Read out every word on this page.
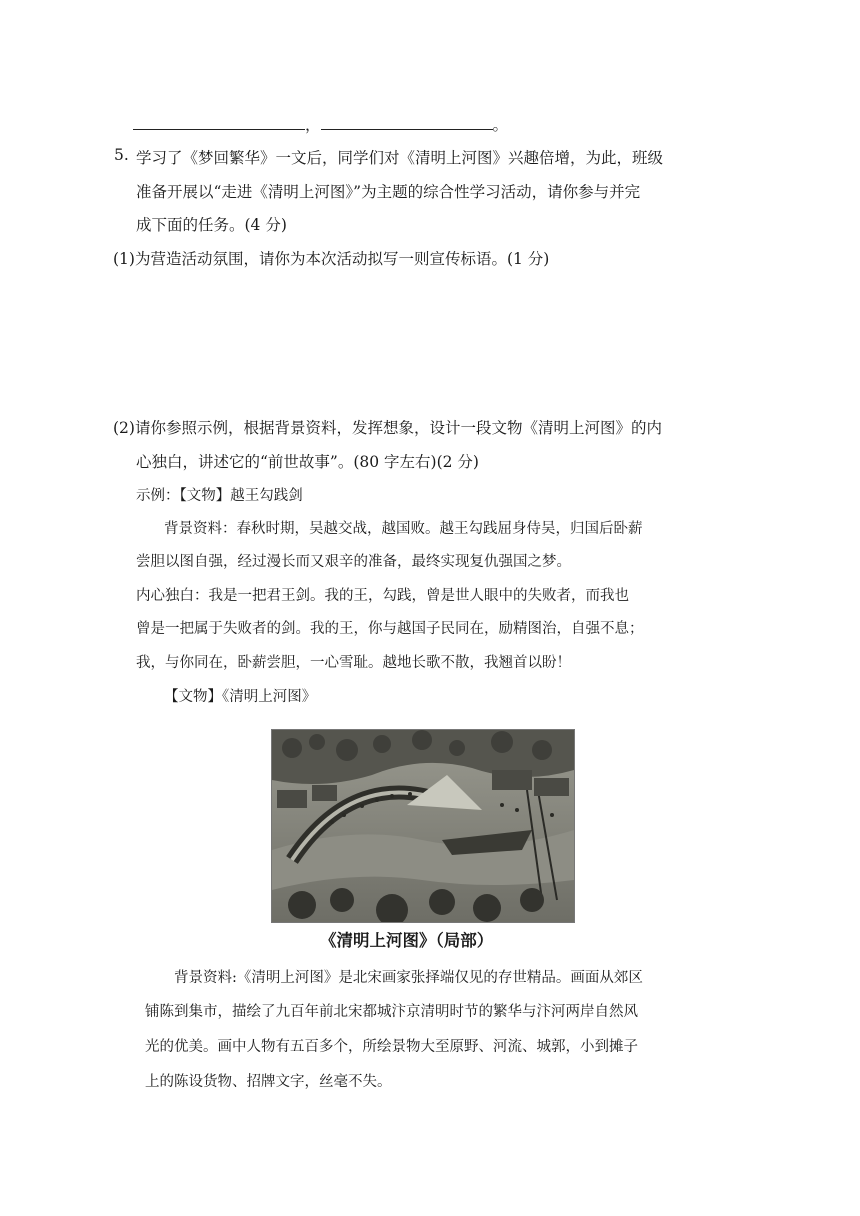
，	。
5. 学习了《梦回繁华》一文后，同学们对《清明上河图》兴趣倍增，为此，班级
准备开展以“走进《清明上河图》”为主题的综合性学习活动，请你参与并完
成下面的任务。(4 分)
(1)为营造活动氛围，请你为本次活动拟写一则宣传标语。(1 分)
(2)请你参照示例，根据背景资料，发挥想象，设计一段文物《清明上河图》的内
心独白，讲述它的“前世故事”。(80 字左右)(2 分)
示例：【文物】越王勾践剑
背景资料：春秋时期，吴越交战，越国败。越王勾践屈身侍吴，归国后卧薪
尝胆以图自强，经过漫长而又艰辛的准备，最终实现复仇强国之梦。
内心独白：我是一把君王剑。我的王，勾践，曾是世人眼中的失败者，而我也
曾是一把属于失败者的剑。我的王，你与越国子民同在，励精图治，自强不息；
我，与你同在，卧薪尝胆，一心雪耻。越地长歌不散，我翘首以盼！
【文物】《清明上河图》
《清明上河图》（局部）
背景资料:《清明上河图》是北宋画家张择端仅见的存世精品。画面从郊区
铺陈到集市，描绘了九百年前北宋都城汴京清明时节的繁华与汴河两岸自然风
光的优美。画中人物有五百多个，所绘景物大至原野、河流、城郭，小到摊子
上的陈设货物、招牌文字，丝毫不失。
